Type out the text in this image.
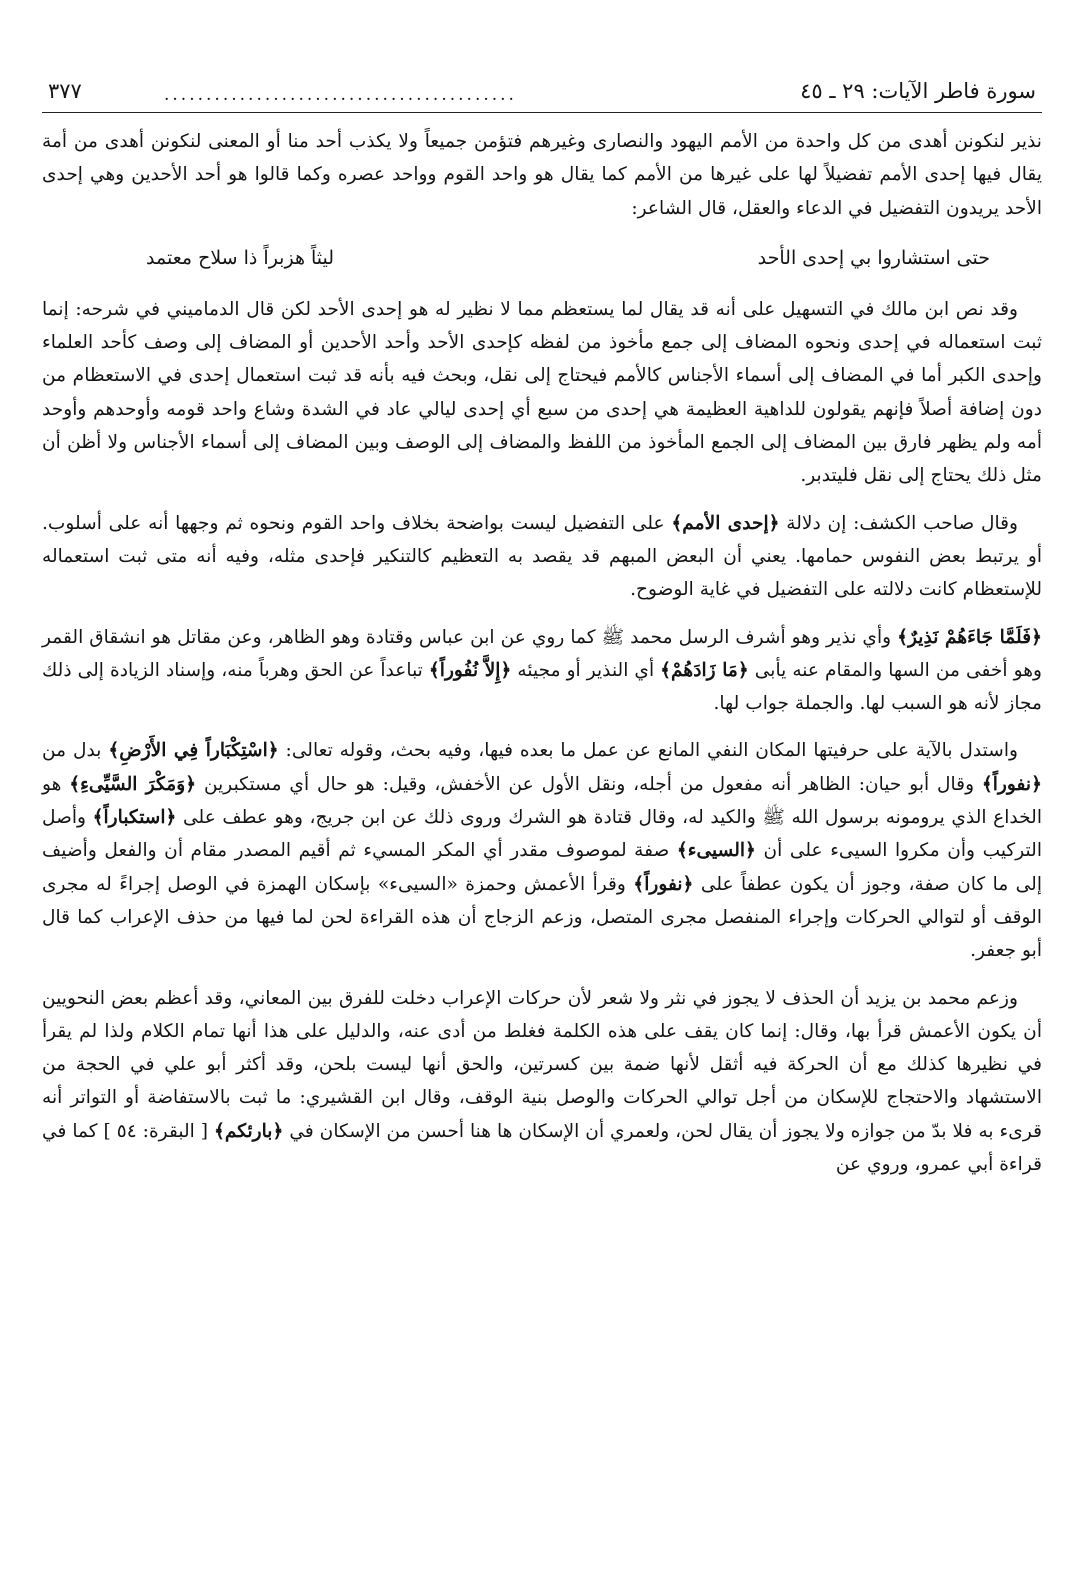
سورة فاطر الآيات: ٢٩ ـ ٤٥
..........................................
٣٧٧
نذير لنكونن أهدى من كل واحدة من الأمم اليهود والنصارى وغيرهم فتؤمن جميعاً ولا يكذب أحد منا أو المعنى لنكونن أهدى من أمة يقال فيها إحدى الأمم تفضيلاً لها على غيرها من الأمم كما يقال هو واحد القوم وواحد عصره وكما قالوا هو أحد الأحدين وهي إحدى الأحد يريدون التفضيل في الدعاء والعقل، قال الشاعر:
حتى استشاروا بي إحدى الأحد
ليثاً هزبراً ذا سلاح معتمد
وقد نص ابن مالك في التسهيل على أنه قد يقال لما يستعظم مما لا نظير له هو إحدى الأحد لكن قال الدماميني في شرحه: إنما ثبت استعماله في إحدى ونحوه المضاف إلى جمع مأخوذ من لفظه كإحدى الأحد وأحد الأحدين أو المضاف إلى وصف كأحد العلماء وإحدى الكبر أما في المضاف إلى أسماء الأجناس كالأمم فيحتاج إلى نقل، وبحث فيه بأنه قد ثبت استعمال إحدى في الاستعظام من دون إضافة أصلاً فإنهم يقولون للداهية العظيمة هي إحدى من سبع أي إحدى ليالي عاد في الشدة وشاع واحد قومه وأوحدهم وأوحد أمه ولم يظهر فارق بين المضاف إلى الجمع المأخوذ من اللفظ والمضاف إلى الوصف وبين المضاف إلى أسماء الأجناس ولا أظن أن مثل ذلك يحتاج إلى نقل فليتدبر.
وقال صاحب الكشف: إن دلالة ﴿إحدى الأمم﴾ على التفضيل ليست بواضحة بخلاف واحد القوم ونحوه ثم وجهها أنه على أسلوب. أو يرتبط بعض النفوس حمامها. يعني أن البعض المبهم قد يقصد به التعظيم كالتنكير فإحدى مثله، وفيه أنه متى ثبت استعماله للإستعظام كانت دلالته على التفضيل في غاية الوضوح.
﴿فَلَمَّا جَاءَهُمْ نَذِيرٌ﴾ وأي نذير وهو أشرف الرسل محمد ﷺ كما روي عن ابن عباس وقتادة وهو الظاهر، وعن مقاتل هو انشقاق القمر وهو أخفى من السها والمقام عنه يأبى ﴿مَا زَادَهُمْ﴾ أي النذير أو مجيئه ﴿إِلاَّ نُفُوراً﴾ تباعداً عن الحق وهرباً منه، وإسناد الزيادة إلى ذلك مجاز لأنه هو السبب لها. والجملة جواب لها.
واستدل بالآية على حرفيتها المكان النفي المانع عن عمل ما بعده فيها، وفيه بحث، وقوله تعالى: ﴿اسْتِكْبَاراً فِي الأَرْضِ﴾ بدل من ﴿نفوراً﴾ وقال أبو حيان: الظاهر أنه مفعول من أجله، ونقل الأول عن الأخفش، وقيل: هو حال أي مستكبرين ﴿وَمَكْرَ السَّيِّىءِ﴾ هو الخداع الذي يرومونه برسول الله ﷺ والكيد له، وقال قتادة هو الشرك وروى ذلك عن ابن جريج، وهو عطف على ﴿استكباراً﴾ وأصل التركيب وأن مكروا السيىء على أن ﴿السيىء﴾ صفة لموصوف مقدر أي المكر المسيء ثم أقيم المصدر مقام أن والفعل وأضيف إلى ما كان صفة، وجوز أن يكون عطفاً على ﴿نفوراً﴾ وقرأ الأعمش وحمزة «السيىء» بإسكان الهمزة في الوصل إجراءً له مجرى الوقف أو لتوالي الحركات وإجراء المنفصل مجرى المتصل، وزعم الزجاج أن هذه القراءة لحن لما فيها من حذف الإعراب كما قال أبو جعفر.
وزعم محمد بن يزيد أن الحذف لا يجوز في نثر ولا شعر لأن حركات الإعراب دخلت للفرق بين المعاني، وقد أعظم بعض النحويين أن يكون الأعمش قرأ بها، وقال: إنما كان يقف على هذه الكلمة فغلط من أدى عنه، والدليل على هذا أنها تمام الكلام ولذا لم يقرأ في نظيرها كذلك مع أن الحركة فيه أثقل لأنها ضمة بين كسرتين، والحق أنها ليست بلحن، وقد أكثر أبو علي في الحجة من الاستشهاد والاحتجاج للإسكان من أجل توالي الحركات والوصل بنية الوقف، وقال ابن القشيري: ما ثبت بالاستفاضة أو التواتر أنه قرىء به فلا بدّ من جوازه ولا يجوز أن يقال لحن، ولعمري أن الإسكان ها هنا أحسن من الإسكان في ﴿بارئكم﴾ [ البقرة: ٥٤ ] كما في قراءة أبي عمرو، وروي عن
